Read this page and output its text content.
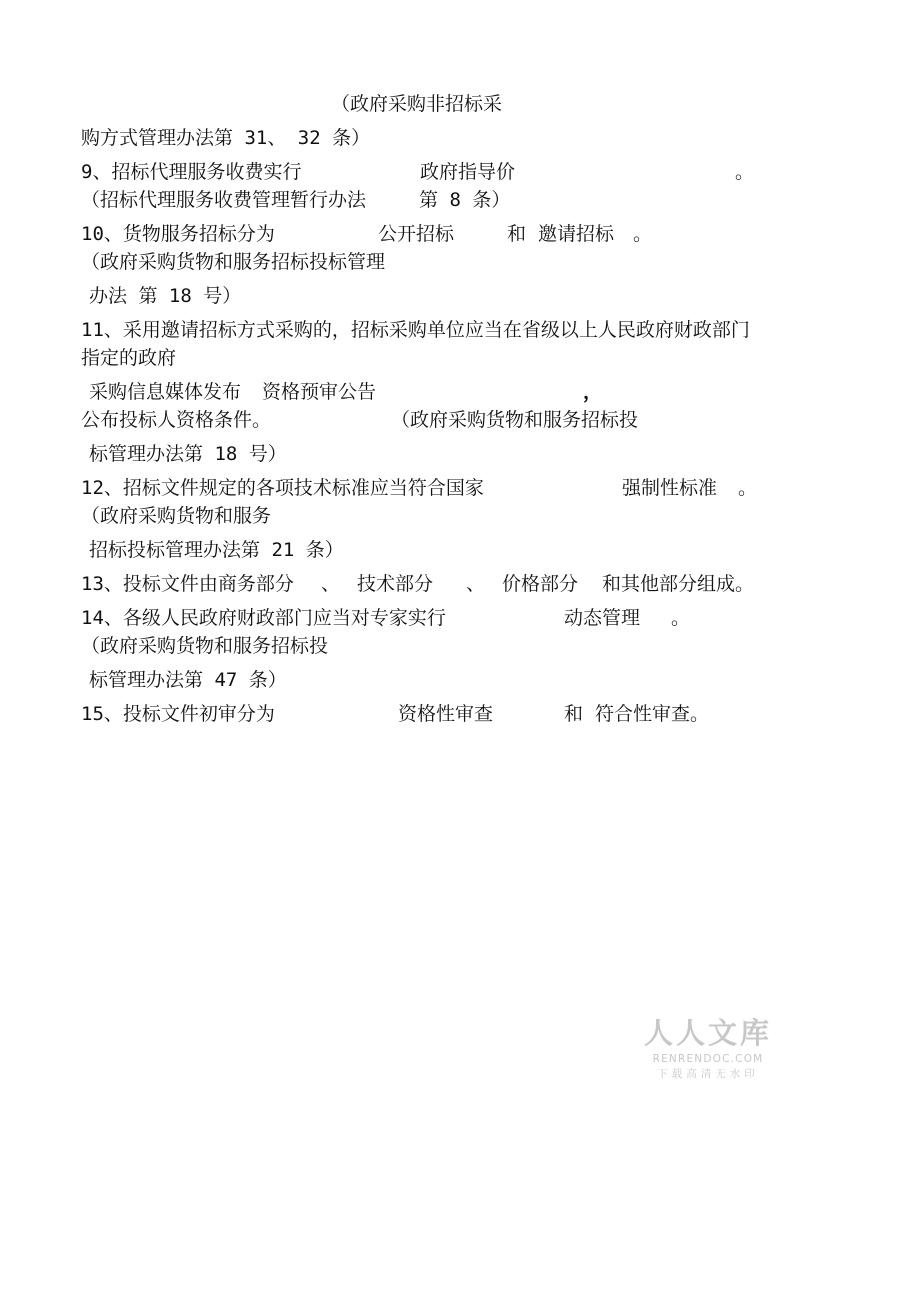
（政府采购非招标采
购方式管理办法第 31、 32 条）
9、招标代理服务收费实行	政府指导价	。
（招标代理服务收费管理暂行办法	第 8 条）
10、货物服务招标分为	公开招标	和 邀请招标 。
（政府采购货物和服务招标投标管理
办法 第 18 号）
11、采用邀请招标方式采购的，招标采购单位应当在省级以上人民政府财政部门
指定的政府
采购信息媒体发布 资格预审公告	，
公布投标人资格条件。	（政府采购货物和服务招标投
标管理办法第 18 号）
12、招标文件规定的各项技术标准应当符合国家	强制性标准 。
（政府采购货物和服务
招标投标管理办法第 21 条）
13、投标文件由商务部分 、 技术部分 、 价格部分 和其他部分组成。
14、各级人民政府财政部门应当对专家实行	动态管理 。
（政府采购货物和服务招标投
标管理办法第 47 条）
15、投标文件初审分为	资格性审查	和 符合性审查。
人人文库
RENRENDOC.COM
下载高清无水印
